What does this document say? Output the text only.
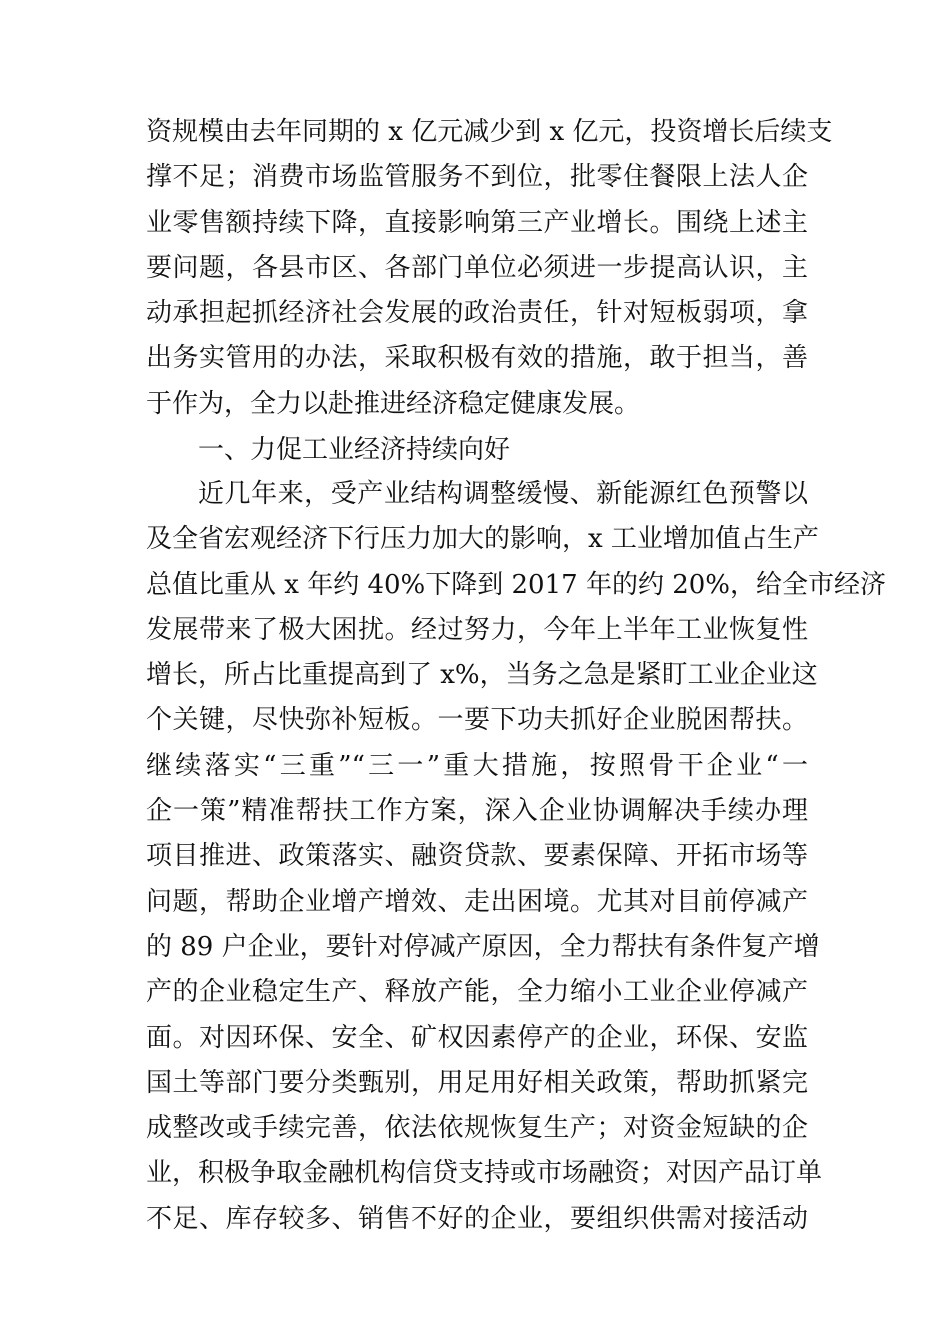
资规模由去年同期的 x 亿元减少到 x 亿元，投资增长后续支
撑不足；消费市场监管服务不到位，批零住餐限上法人企
业零售额持续下降，直接影响第三产业增长。围绕上述主
要问题，各县市区、各部门单位必须进一步提高认识，主
动承担起抓经济社会发展的政治责任，针对短板弱项，拿
出务实管用的办法，采取积极有效的措施，敢于担当，善
于作为，全力以赴推进经济稳定健康发展。
一、力促工业经济持续向好
近几年来，受产业结构调整缓慢、新能源红色预警以
及全省宏观经济下行压力加大的影响，x 工业增加值占生产
总值比重从 x 年约 40%下降到 2017 年的约 20%，给全市经济
发展带来了极大困扰。经过努力，今年上半年工业恢复性
增长，所占比重提高到了 x%，当务之急是紧盯工业企业这
个关键，尽快弥补短板。一要下功夫抓好企业脱困帮扶。
继续落实“三重”“三一”重大措施，按照骨干企业“一
企一策”精准帮扶工作方案，深入企业协调解决手续办理
项目推进、政策落实、融资贷款、要素保障、开拓市场等
问题，帮助企业增产增效、走出困境。尤其对目前停减产
的 89 户企业，要针对停减产原因，全力帮扶有条件复产增
产的企业稳定生产、释放产能，全力缩小工业企业停减产
面。对因环保、安全、矿权因素停产的企业，环保、安监
国土等部门要分类甄别，用足用好相关政策，帮助抓紧完
成整改或手续完善，依法依规恢复生产；对资金短缺的企
业，积极争取金融机构信贷支持或市场融资；对因产品订单
不足、库存较多、销售不好的企业，要组织供需对接活动
